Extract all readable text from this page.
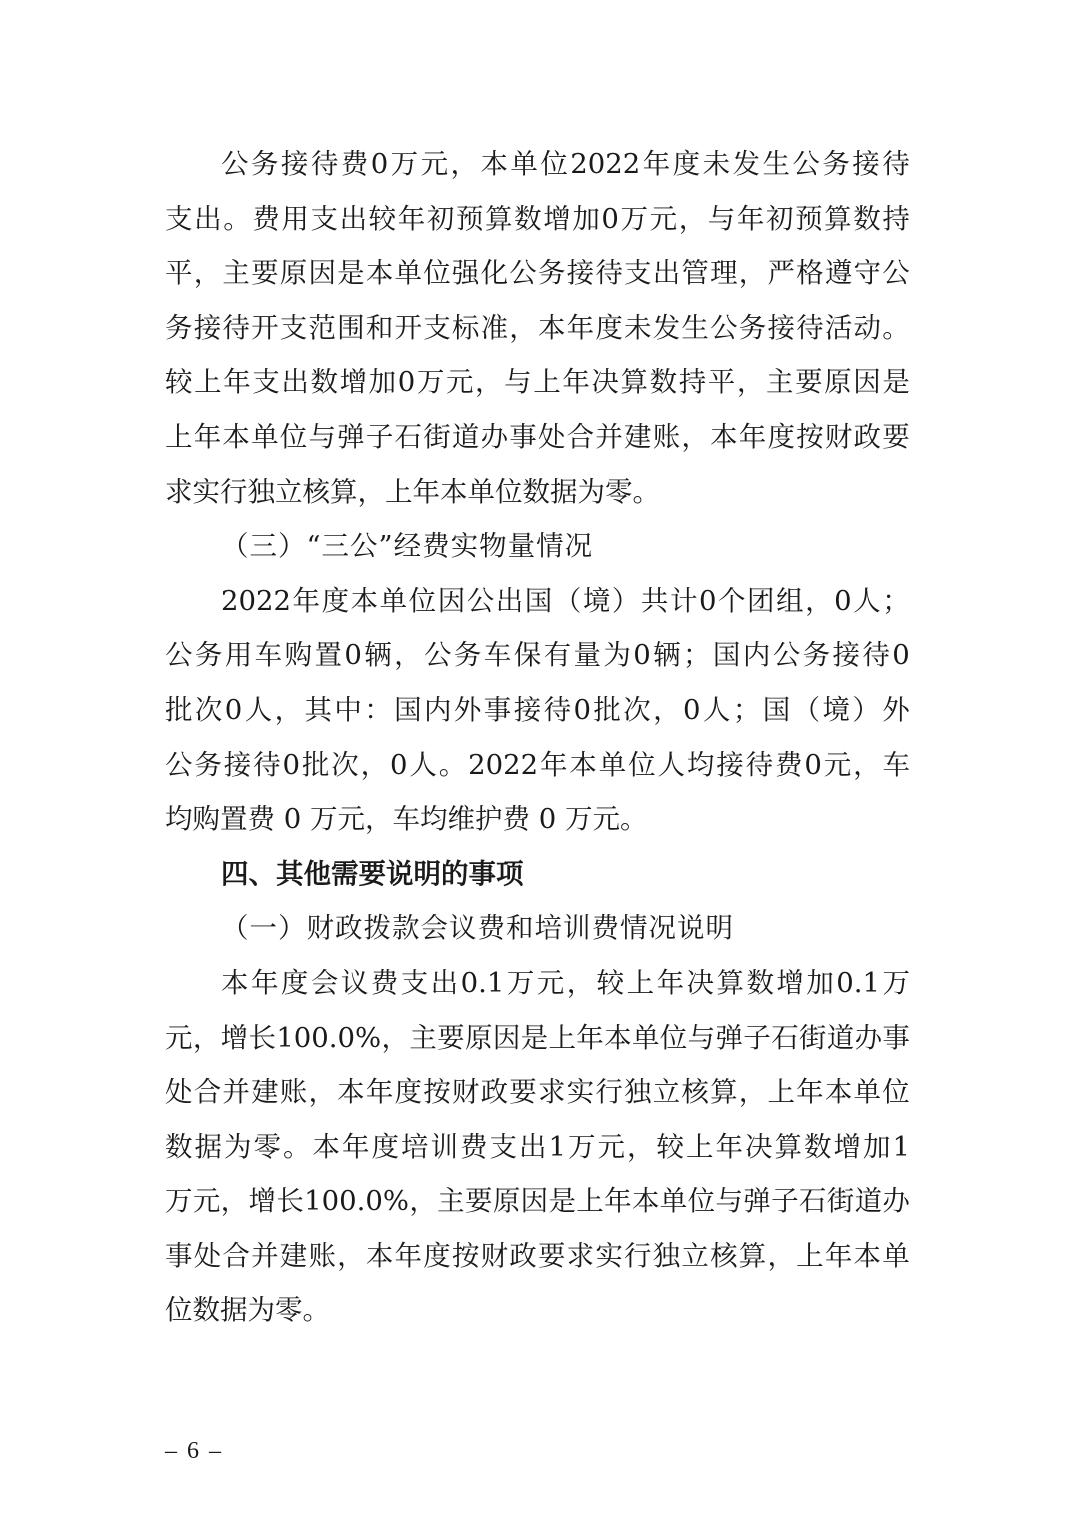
公 务 接 待 费 0 万 元 ， 本 单 位 2022 年 度 未 发 生 公 务 接 待
支 出 。 费 用 支 出 较 年 初 预 算 数 增 加 0 万 元 ， 与 年 初 预 算 数 持
平 ， 主 要 原 因 是 本 单 位 强 化 公 务 接 待 支 出 管 理 ， 严 格 遵 守 公
务 接 待 开 支 范 围 和 开 支 标 准 ， 本 年 度 未 发 生 公 务 接 待 活 动 。
较 上 年 支 出 数 增 加 0 万 元 ， 与 上 年 决 算 数 持 平 ， 主 要 原 因 是
上 年 本 单 位 与 弹 子 石 街 道 办 事 处 合 并 建 账 ， 本 年 度 按 财 政 要
求实行独立核算，上年本单位数据为零。
（三）“三公”经费实物量情况
2022 年 度 本 单 位 因 公 出 国 （ 境 ） 共 计 0 个 团 组 ， 0 人 ；
公 务 用 车 购 置 0 辆 ， 公 务 车 保 有 量 为 0 辆 ； 国 内 公 务 接 待 0
批 次 0 人 ， 其 中 ： 国 内 外 事 接 待 0 批 次 ， 0 人 ； 国 （ 境 ） 外
公 务 接 待 0 批 次 ， 0 人 。 2022 年 本 单 位 人 均 接 待 费 0 元 ， 车
均购置费 0 万元，车均维护费 0 万元。
四、其他需要说明的事项
（一）财政拨款会议费和培训费情况说明
本 年 度 会 议 费 支 出 0.1 万 元 ， 较 上 年 决 算 数 增 加 0.1 万
元 ， 增 长 100.0% ， 主 要 原 因 是 上 年 本 单 位 与 弹 子 石 街 道 办 事
处 合 并 建 账 ， 本 年 度 按 财 政 要 求 实 行 独 立 核 算 ， 上 年 本 单 位
数 据 为 零 。 本 年 度 培 训 费 支 出 1 万 元 ， 较 上 年 决 算 数 增 加 1
万 元 ， 增 长 100.0% ， 主 要 原 因 是 上 年 本 单 位 与 弹 子 石 街 道 办
事 处 合 并 建 账 ， 本 年 度 按 财 政 要 求 实 行 独 立 核 算 ， 上 年 本 单
位数据为零。
– 6 –
